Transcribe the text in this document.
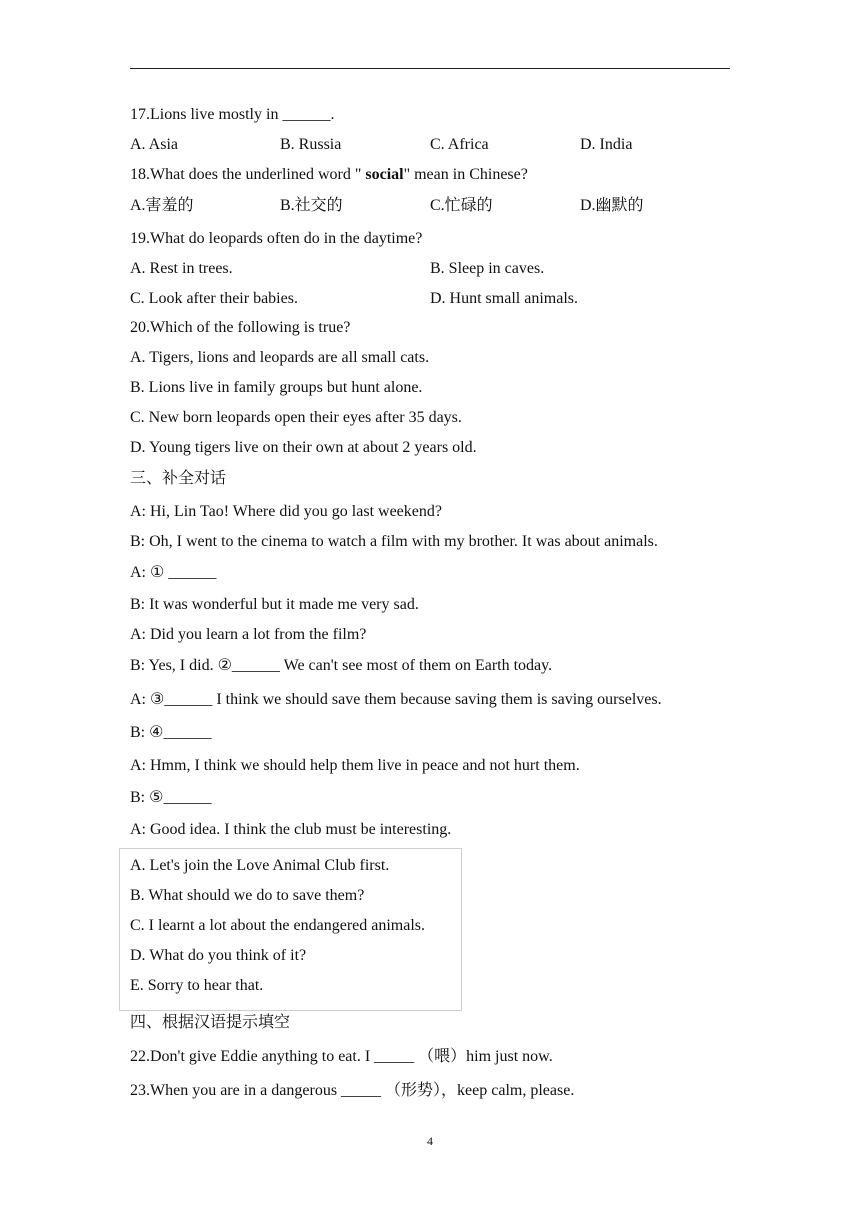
17.Lions live mostly in ______.
A. Asia	B. Russia	C. Africa	D. India
18.What does the underlined word " social" mean in Chinese?
A.害羞的	B.社交的	C.忙碌的	D.幽默的
19.What do leopards often do in the daytime?
A. Rest in trees.	B. Sleep in caves.
C. Look after their babies.	D. Hunt small animals.
20.Which of the following is true?
A. Tigers, lions and leopards are all small cats.
B. Lions live in family groups but hunt alone.
C. New born leopards open their eyes after 35 days.
D. Young tigers live on their own at about 2 years old.
三、补全对话
A: Hi, Lin Tao! Where did you go last weekend?
B: Oh, I went to the cinema to watch a film with my brother. It was about animals.
A: ① ______
B: It was wonderful but it made me very sad.
A: Did you learn a lot from the film?
B: Yes, I did. ②______ We can't see most of them on Earth today.
A: ③______ I think we should save them because saving them is saving ourselves.
B: ④______
A: Hmm, I think we should help them live in peace and not hurt them.
B: ⑤______
A: Good idea. I think the club must be interesting.
A. Let's join the Love Animal Club first.
B. What should we do to save them?
C. I learnt a lot about the endangered animals.
D. What do you think of it?
E. Sorry to hear that.
四、根据汉语提示填空
22.Don't give Eddie anything to eat. I _____ （喂）him just now.
23.When you are in a dangerous _____ （形势），keep calm, please.
4
